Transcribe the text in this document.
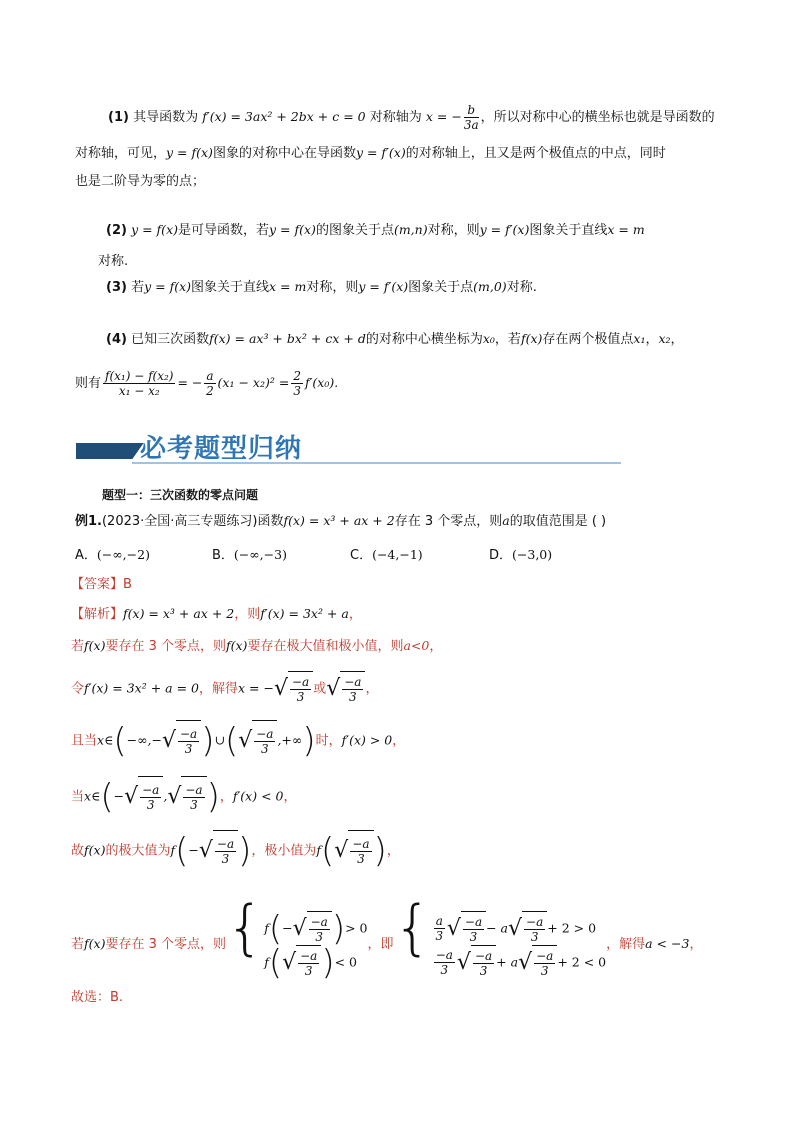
(1) 其导函数为 f′(x) = 3ax² + 2bx + c = 0 对称轴为 x = − $\frac{b}{3a}$ ，所以对称中心的横坐标也就是导函数的
对称轴，可见，y = f(x)图象的对称中心在导函数y = f′(x)的对称轴上，且又是两个极值点的中点，同时
也是二阶导为零的点；
(2) y = f(x)是可导函数，若y = f(x)的图象关于点(m,n)对称，则y = f′(x)图象关于直线x = m
对称.
(3) 若y = f(x)图象关于直线x = m对称，则y = f′(x)图象关于点(m,0)对称.
(4) 已知三次函数f(x) = ax³ + bx² + cx + d的对称中心横坐标为x₀，若f(x)存在两个极值点x₁，x₂，
则有 $\frac{\text{f(x₁) − f(x₂)}}{\text{x₁ − x₂}}$ = − $\frac{a}{2} (x_1 - x_2)^2 = \frac{2}{3} f'(x_0)$.
必考题型归纳
题型一：三次函数的零点问题
例1.(2023·全国·高三专题练习)函数f(x) = x³ + ax + 2存在 3 个零点，则a的取值范围是 ( )
A．(−∞,−2)	B．(−∞,−3)	C．(−4,−1)	D．(−3,0)
【答案】B
【解析】f(x) = x³ + ax + 2，则f′(x) = 3x² + a，
若f(x)要存在 3 个零点，则f(x)要存在极大值和极小值，则a<0，
令f′(x) = 3x² + a = 0，解得x = −√ $\frac{-a}{3}$ 或√ $\frac{-a}{3}$ ，
且当x∈(−∞,−√ $\frac{-a}{3}$ )∪(√ $\frac{-a}{3}$ ,+∞)时，f′(x) > 0，
当x∈(−√ $\frac{-a}{3}$ ,√ $\frac{-a}{3}$ )，f′(x) < 0，
故f(x)的极大值为$f(-√ \frac{-a}{3}$ )，极小值为$f(√ \frac{-a}{3}$ )，
若f(x)要存在 3 个零点，则{ $f(-√ \frac{-a}{3}$ )> 0
$f(√ \frac{-a}{3}$ )< 0
，即{ $\frac{a}{3}$ √ $\frac{-a}{3} - a√ \frac{-a}{3} + 2 > 0$
$\frac{-a}{3}$ √ $\frac{-a}{3} + a√ \frac{-a}{3} + 2 < 0$
，解得a < −3，
故选：B.
